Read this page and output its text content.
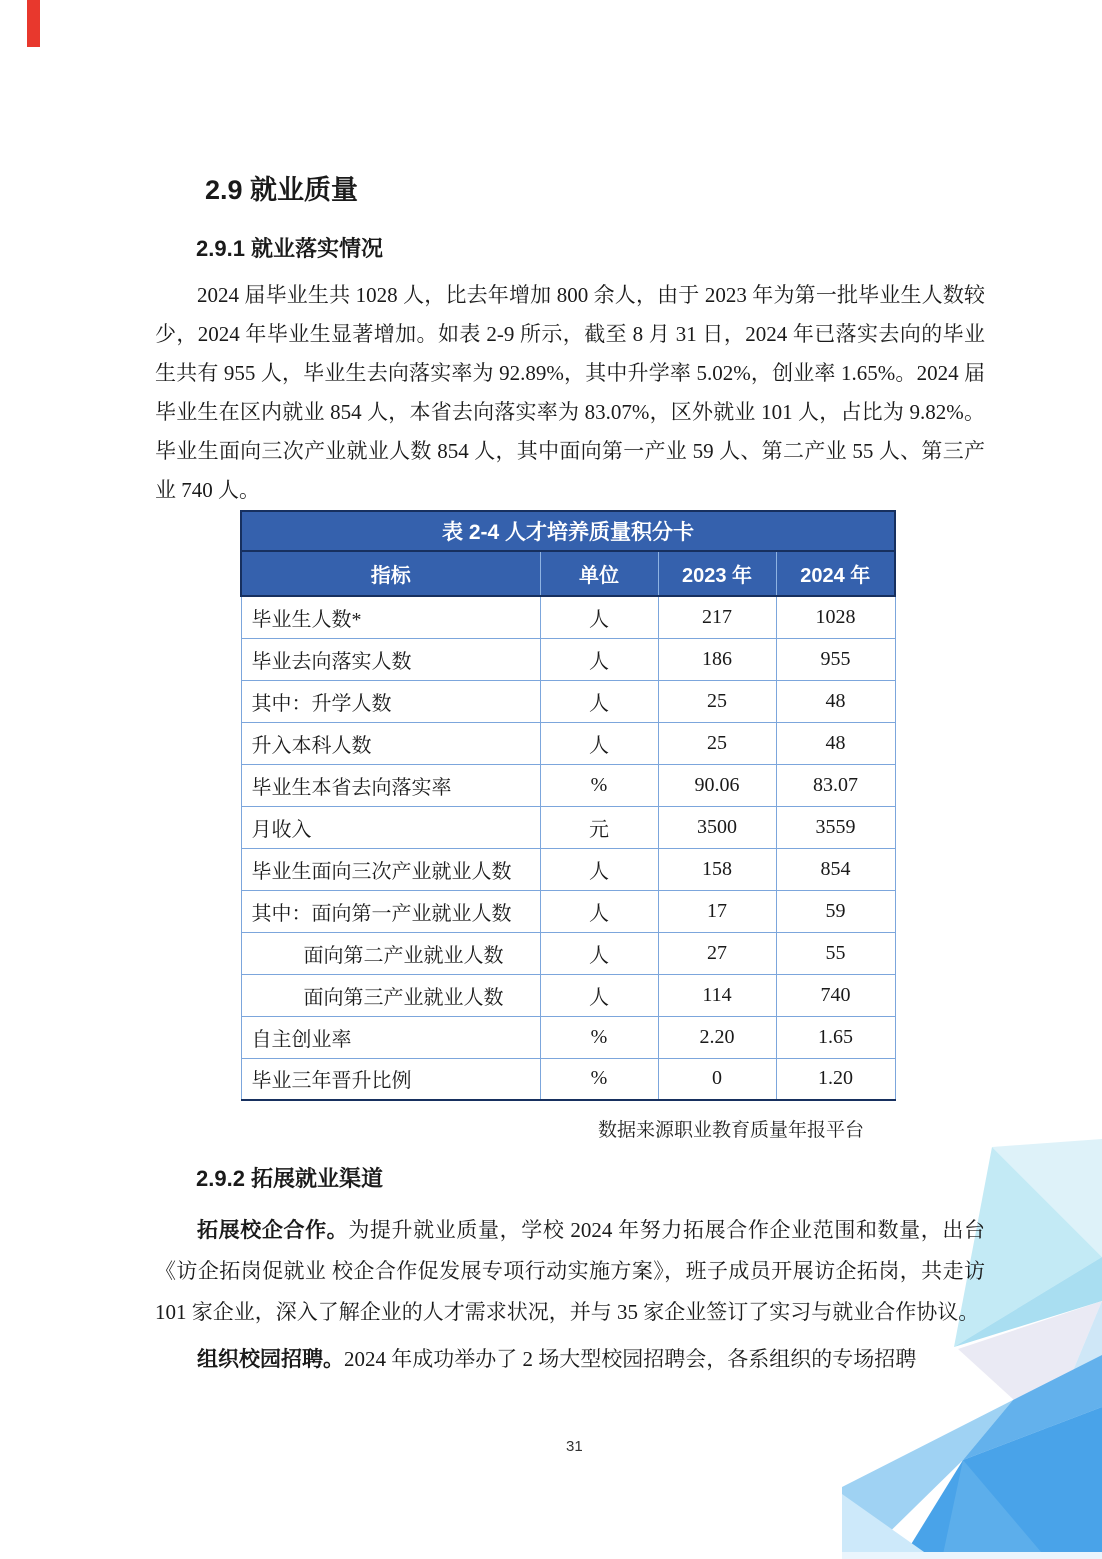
2.9 就业质量
2.9.1 就业落实情况

2024 届毕业生共 1028 人，比去年增加 800 余人，由于 2023 年为第一批毕业生人数较少，2024 年毕业生显著增加。如表 2-9 所示，截至 8 月 31 日，2024 年已落实去向的毕业生共有 955 人，毕业生去向落实率为 92.89%，其中升学率 5.02%，创业率 1.65%。2024 届毕业生在区内就业 854 人，本省去向落实率为 83.07%，区外就业 101 人，占比为 9.82%。毕业生面向三次产业就业人数 854 人，其中面向第一产业 59 人、第二产业 55 人、第三产业 740 人。

表 2-4 人才培养质量积分卡			
指标	单位	2023 年	2024 年
毕业生人数*	人	217	1028
毕业去向落实人数	人	186	955
其中：升学人数	人	25	48
升入本科人数	人	25	48
毕业生本省去向落实率	%	90.06	83.07
月收入	元	3500	3559
毕业生面向三次产业就业人数	人	158	854
其中：面向第一产业就业人数	人	17	59
面向第二产业就业人数	人	27	55
面向第三产业就业人数	人	114	740
自主创业率	%	2.20	1.65
毕业三年晋升比例	%	0	1.20
数据来源职业教育质量年报平台
2.9.2 拓展就业渠道

拓展校企合作。为提升就业质量，学校 2024 年努力拓展合作企业范围和数量，出台《访企拓岗促就业 校企合作促发展专项行动实施方案》，班子成员开展访企拓岗，共走访 101 家企业，深入了解企业的人才需求状况，并与 35 家企业签订了实习与就业合作协议。

组织校园招聘。2024 年成功举办了 2 场大型校园招聘会，各系组织的专场招聘

31
